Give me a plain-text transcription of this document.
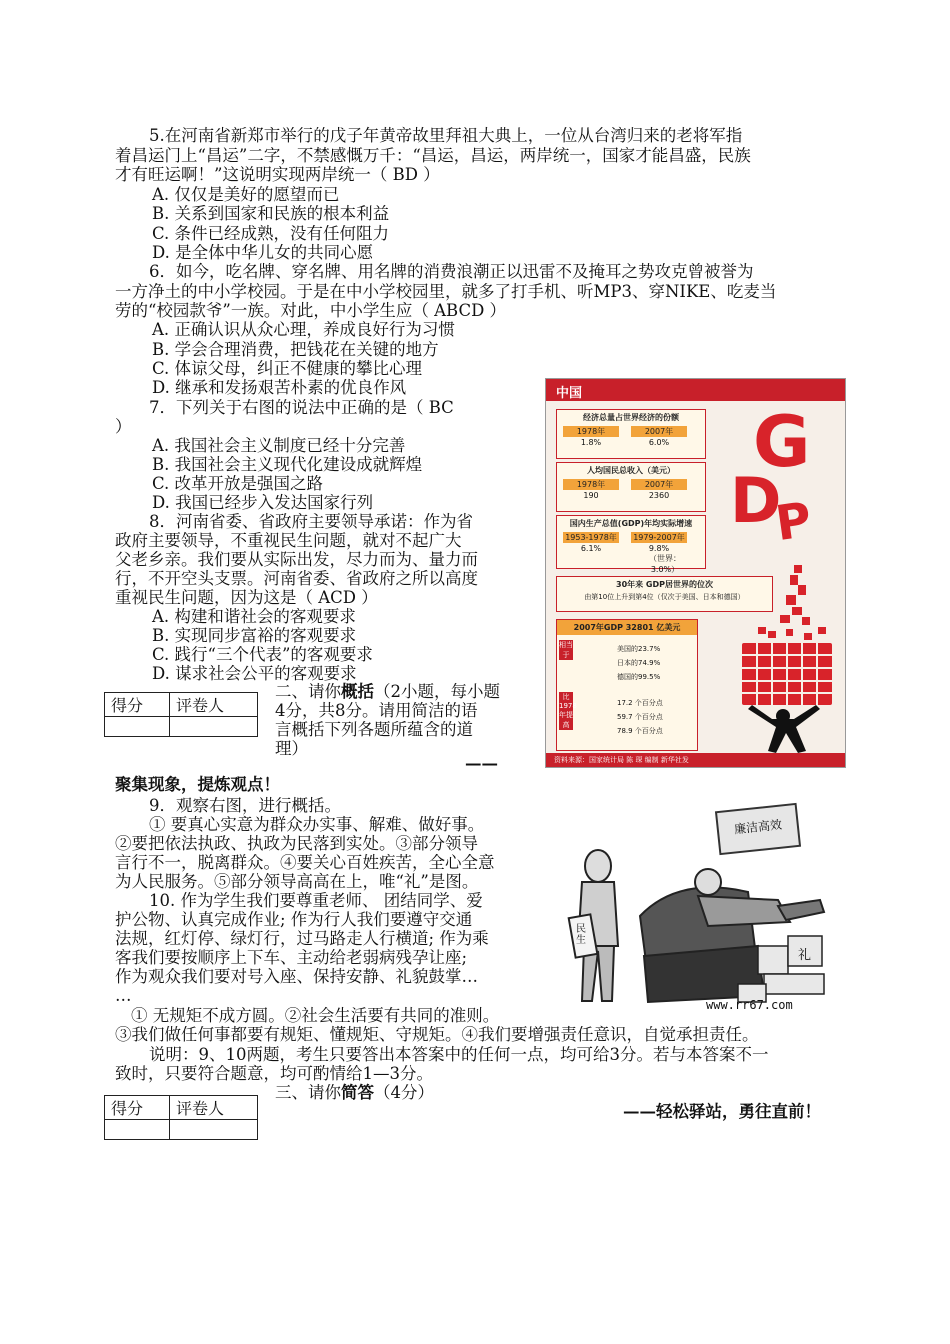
5.在河南省新郑市举行的戊子年黄帝故里拜祖大典上，一位从台湾归来的老将军指
着昌运门上“昌运”二字，不禁感慨万千：“昌运，昌运，两岸统一，国家才能昌盛，民族
才有旺运啊！”这说明实现两岸统一（ BD ）
A. 仅仅是美好的愿望而已
B. 关系到国家和民族的根本利益
C. 条件已经成熟，没有任何阻力
D. 是全体中华儿女的共同心愿
6．如今，吃名牌、穿名牌、用名牌的消费浪潮正以迅雷不及掩耳之势攻克曾被誉为
一方净土的中小学校园。于是在中小学校园里，就多了打手机、听MP3、穿NIKE、吃麦当
劳的“校园款爷”一族。对此，中小学生应（ ABCD ）
A. 正确认识从众心理，养成良好行为习惯
B. 学会合理消费，把钱花在关键的地方
C. 体谅父母，纠正不健康的攀比心理
D. 继承和发扬艰苦朴素的优良作风
7．下列关于右图的说法中正确的是（ BC
）
A. 我国社会主义制度已经十分完善
B. 我国社会主义现代化建设成就辉煌
C. 改革开放是强国之路
D. 我国已经步入发达国家行列
8．河南省委、省政府主要领导承诺：作为省
政府主要领导，不重视民生问题，就对不起广大
父老乡亲。我们要从实际出发，尽力而为、量力而
行，不开空头支票。河南省委、省政府之所以高度
重视民生问题，因为这是（ ACD ）
A. 构建和谐社会的客观要求
B. 实现同步富裕的客观要求
C. 践行“三个代表”的客观要求
D. 谋求社会公平的客观要求
得分	评卷人

二、请你概括（2小题，每小题
4分，共8分。请用简洁的语
言概括下列各题所蕴含的道
理）
——
聚集现象，提炼观点！
9．观察右图，进行概括。
① 要真心实意为群众办实事、解难、做好事。
②要把依法执政、执政为民落到实处。③部分领导
言行不一，脱离群众。④要关心百姓疾苦，全心全意
为人民服务。⑤部分领导高高在上，唯“礼”是图。
10. 作为学生我们要尊重老师、 团结同学、爱
护公物、认真完成作业; 作为行人我们要遵守交通
法规，红灯停、绿灯行，过马路走人行横道; 作为乘
客我们要按顺序上下车、主动给老弱病残孕让座;
作为观众我们要对号入座、保持安静、礼貌鼓掌…
…
① 无规矩不成方圆。②社会生活要有共同的准则。
③我们做任何事都要有规矩、懂规矩、守规矩。④我们要增强责任意识，自觉承担责任。
说明：9、10两题，考生只要答出本答案中的任何一点，均可给3分。若与本答案不一
致时，只要符合题意，均可酌情给1—3分。
三、请你简答（4分）
得分	评卷人
		——轻松驿站，勇往直前！
中国
经济总量占世界经济的份额
1978年	2007年
1.8%	6.0%
人均国民总收入（美元）
1978年	2007年
190	2360
国内生产总值(GDP)年均实际增速
1953-1978年 1979-2007年
6.1%	9.8%
（世界：3.0%）
30年来 GDP居世界的位次
由第10位上升到第4位（仅次于美国、日本和德国）
2007年GDP 32801 亿美元
相当于
比1978年提高
美国的23.7%
日本的74.9%
德国的99.5%
17.2 个百分点
59.7 个百分点
78.9 个百分点
G
D
P
资料来源：国家统计局 陈 琛 编制 新华社发
廉洁高效
礼
民生
www.rr67.com
